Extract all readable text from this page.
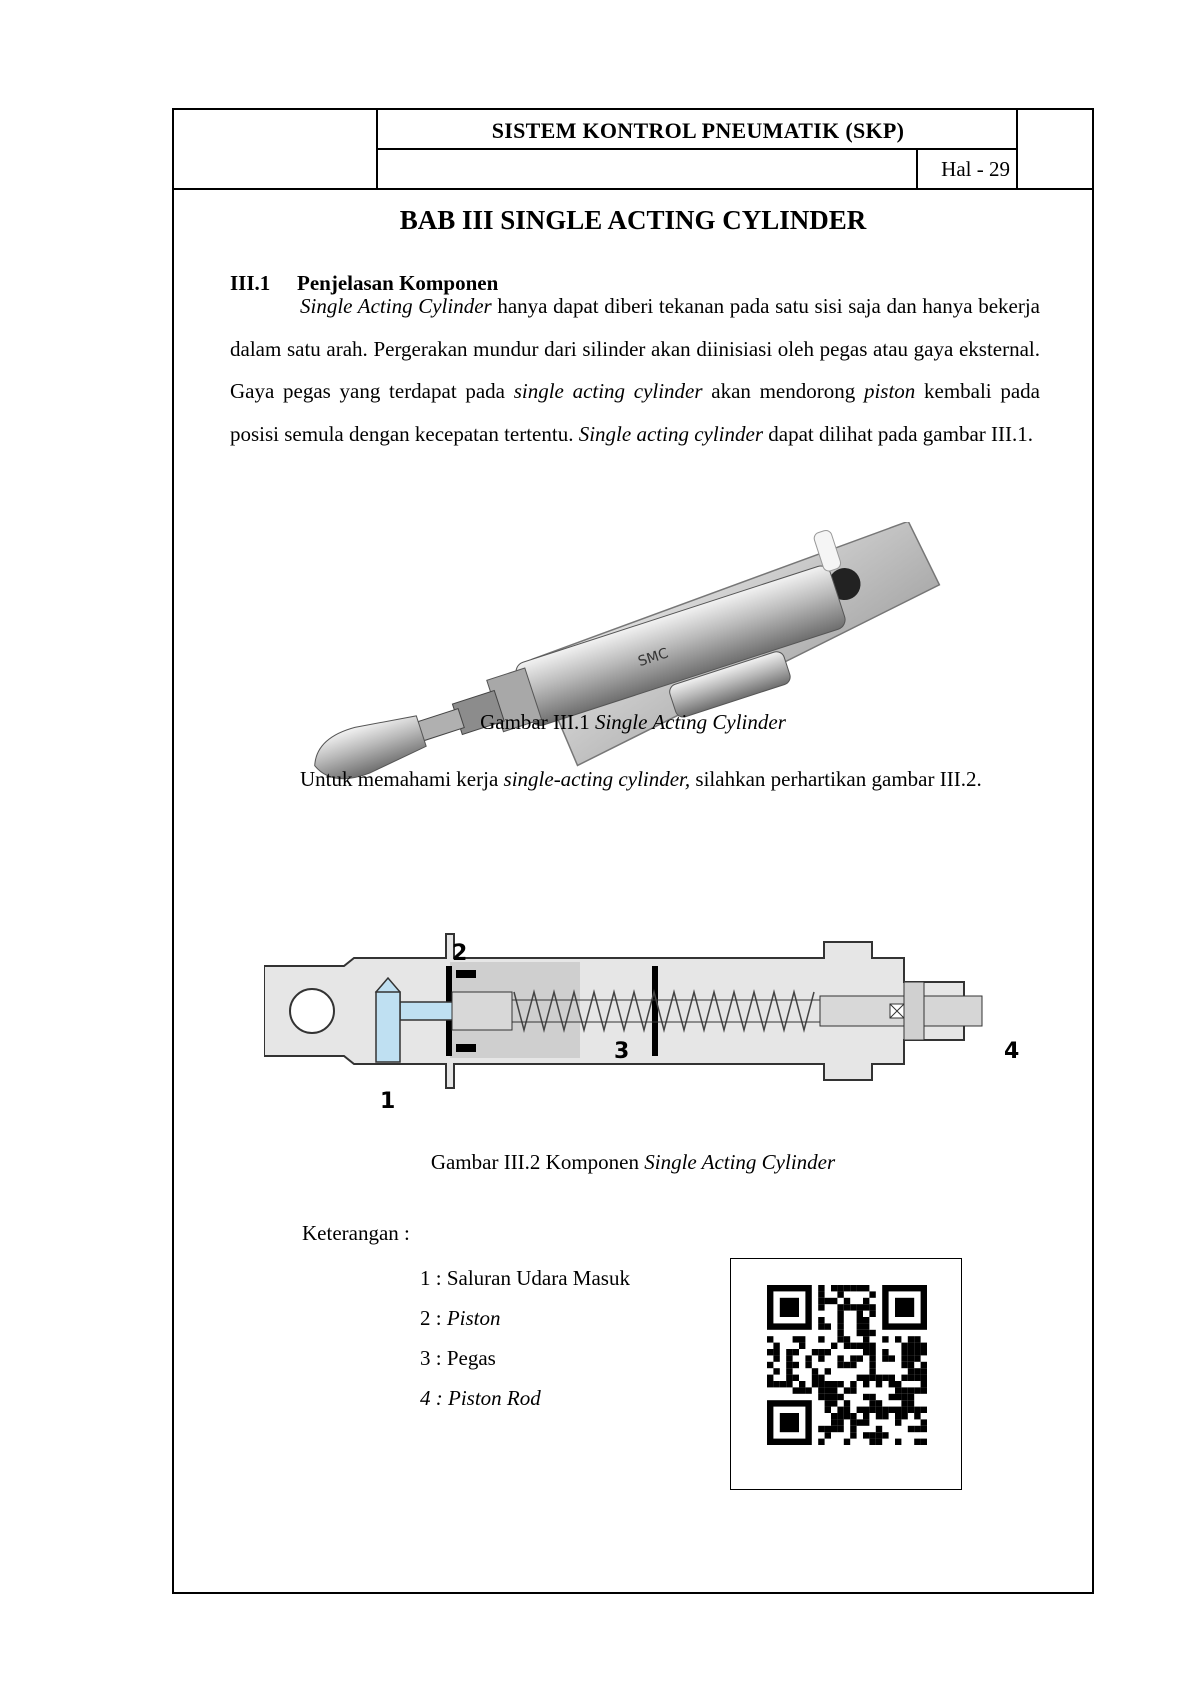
SISTEM KONTROL PNEUMATIK (SKP)
Hal - 29
BAB III SINGLE ACTING CYLINDER
III.1 Penjelasan Komponen

Single Acting Cylinder hanya dapat diberi tekanan pada satu sisi saja dan hanya bekerja dalam satu arah. Pergerakan mundur dari silinder akan diinisiasi oleh pegas atau gaya eksternal. Gaya pegas yang terdapat pada single acting cylinder akan mendorong piston kembali pada posisi semula dengan kecepatan tertentu. Single acting cylinder dapat dilihat pada gambar III.1.

SMC
Gambar III.1 Single Acting Cylinder

Untuk memahami kerja single-acting cylinder, silahkan perhartikan gambar III.2.

2
1
3	4
Gambar III.2 Komponen Single Acting Cylinder
Keterangan :
1 : Saluran Udara Masuk
2 : Piston
3 : Pegas
4 : Piston Rod
